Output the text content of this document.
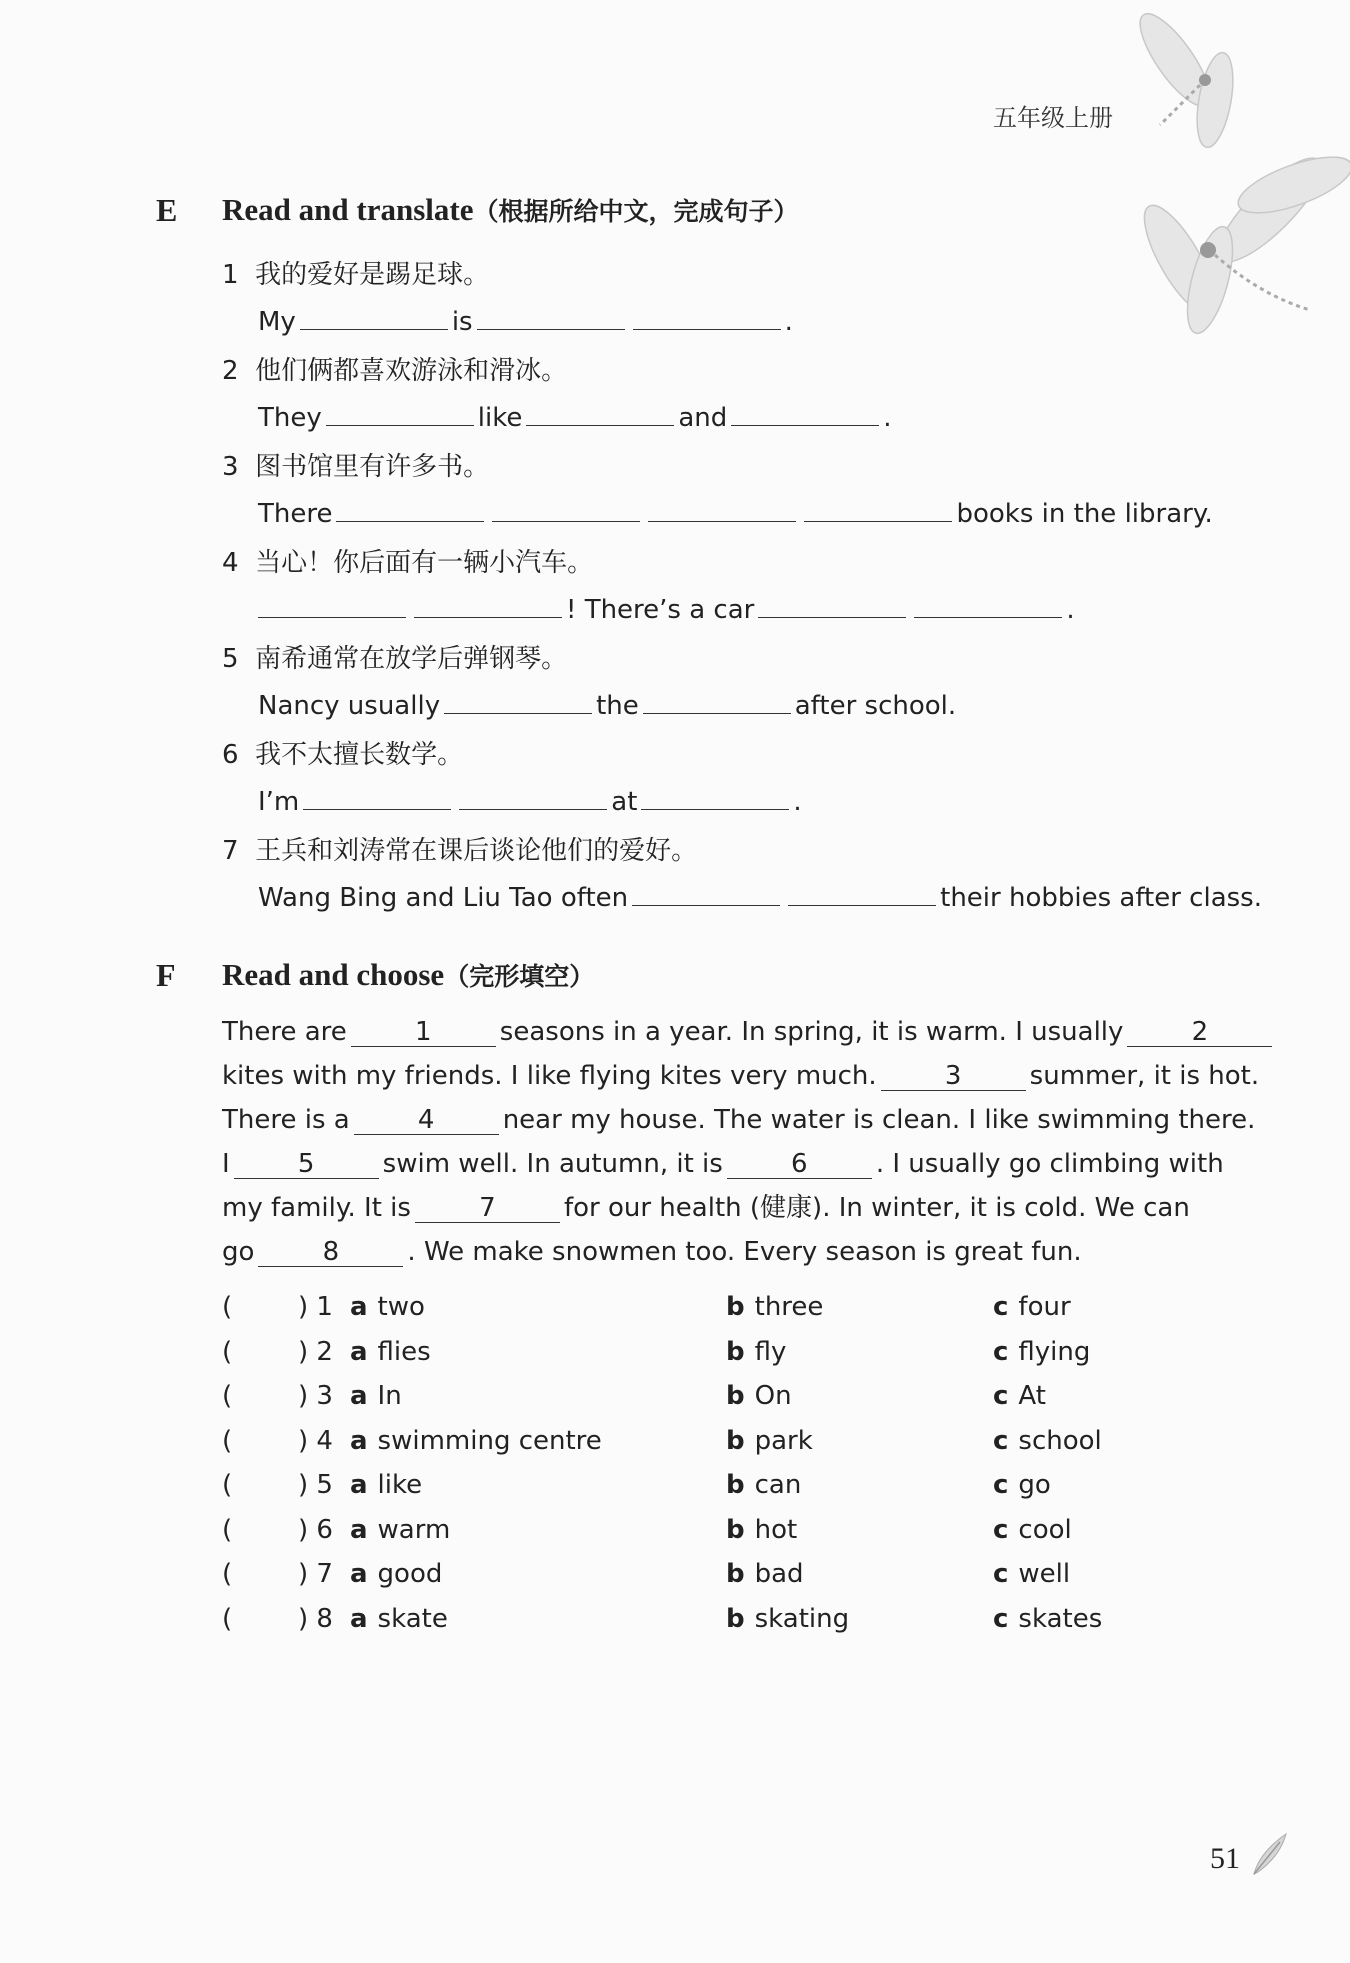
五年级上册
E Read and translate（根据所给中文，完成句子）
1 我的爱好是踢足球。
My	is	.
2 他们俩都喜欢游泳和滑冰。
They	like	and	.
3 图书馆里有许多书。
There	books in the library.
4 当心！你后面有一辆小汽车。
! There’s a car	.
5 南希通常在放学后弹钢琴。
Nancy usually	the	after school.
6 我不太擅长数学。
I’m	at	.
7 王兵和刘涛常在课后谈论他们的爱好。
Wang Bing and Liu Tao often	their hobbies after class.
F Read and choose（完形填空）
There are	1	seasons in a year. In spring, it is warm. I usually	2
kites with my friends. I like flying kites very much.	3	summer, it is hot.
There is a	4	near my house. The water is clean. I like swimming there.
I	5	swim well. In autumn, it is	6	. I usually go climbing with
my family. It is	7	for our health (健康). In winter, it is cold. We can
go	8	. We make snowmen too. Every season is great fun.
(	) 1 a two	b three	c four
(	) 2 a flies	b fly	c flying
(	) 3 a In	b On	c At
(	) 4 a swimming centre	b park	c school
(	) 5 a like	b can	c go
(	) 6 a warm	b hot	c cool
(	) 7 a good	b bad	c well
(	) 8 a skate	b skating	c skates
51
